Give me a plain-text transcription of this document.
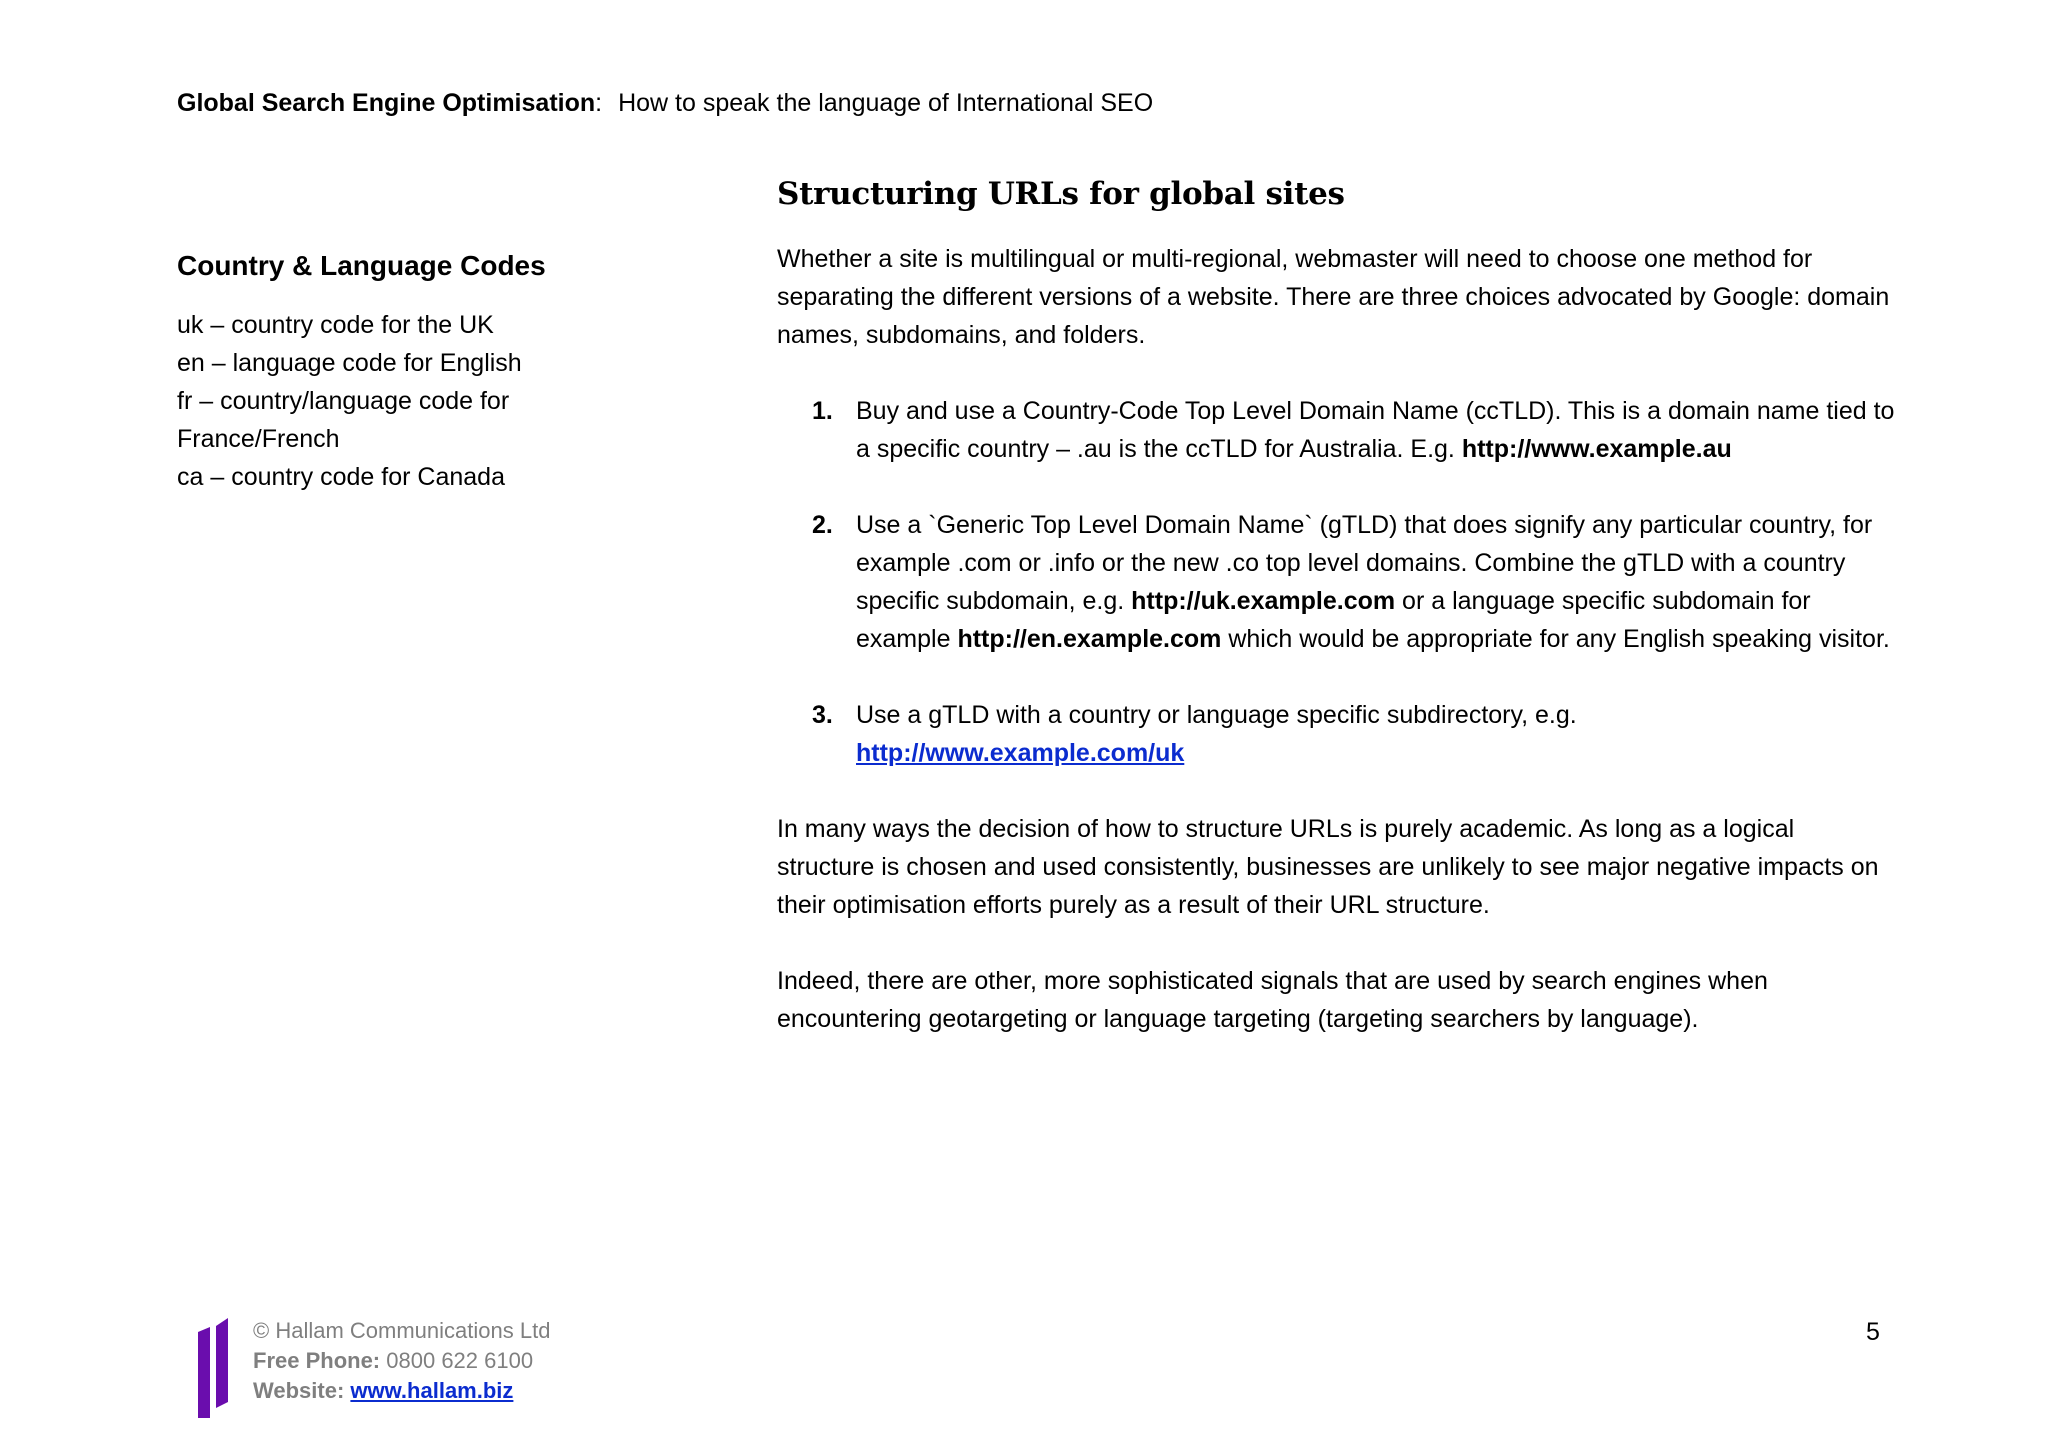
Global Search Engine Optimisation: How to speak the language of International SEO
Country & Language Codes
uk – country code for the UK
en – language code for English
fr – country/language code for
France/French
ca – country code for Canada
Structuring URLs for global sites

Whether a site is multilingual or multi-regional, webmaster will need to choose one method for separating the different versions of a website. There are three choices advocated by Google: domain names, subdomains, and folders.

1. Buy and use a Country-Code Top Level Domain Name (ccTLD). This is a domain name tied to a specific country – .au is the ccTLD for Australia. E.g. http://www.example.au
2. Use a `Generic Top Level Domain Name` (gTLD) that does signify any particular country, for example .com or .info or the new .co top level domains. Combine the gTLD with a country specific subdomain, e.g. http://uk.example.com or a language specific subdomain for example http://en.example.com which would be appropriate for any English speaking visitor.
3. Use a gTLD with a country or language specific subdirectory, e.g.
http://www.example.com/uk

In many ways the decision of how to structure URLs is purely academic. As long as a logical structure is chosen and used consistently, businesses are unlikely to see major negative impacts on their optimisation efforts purely as a result of their URL structure.

Indeed, there are other, more sophisticated signals that are used by search engines when encountering geotargeting or language targeting (targeting searchers by language).

© Hallam Communications Ltd
Free Phone: 0800 622 6100
Website: www.hallam.biz
5
